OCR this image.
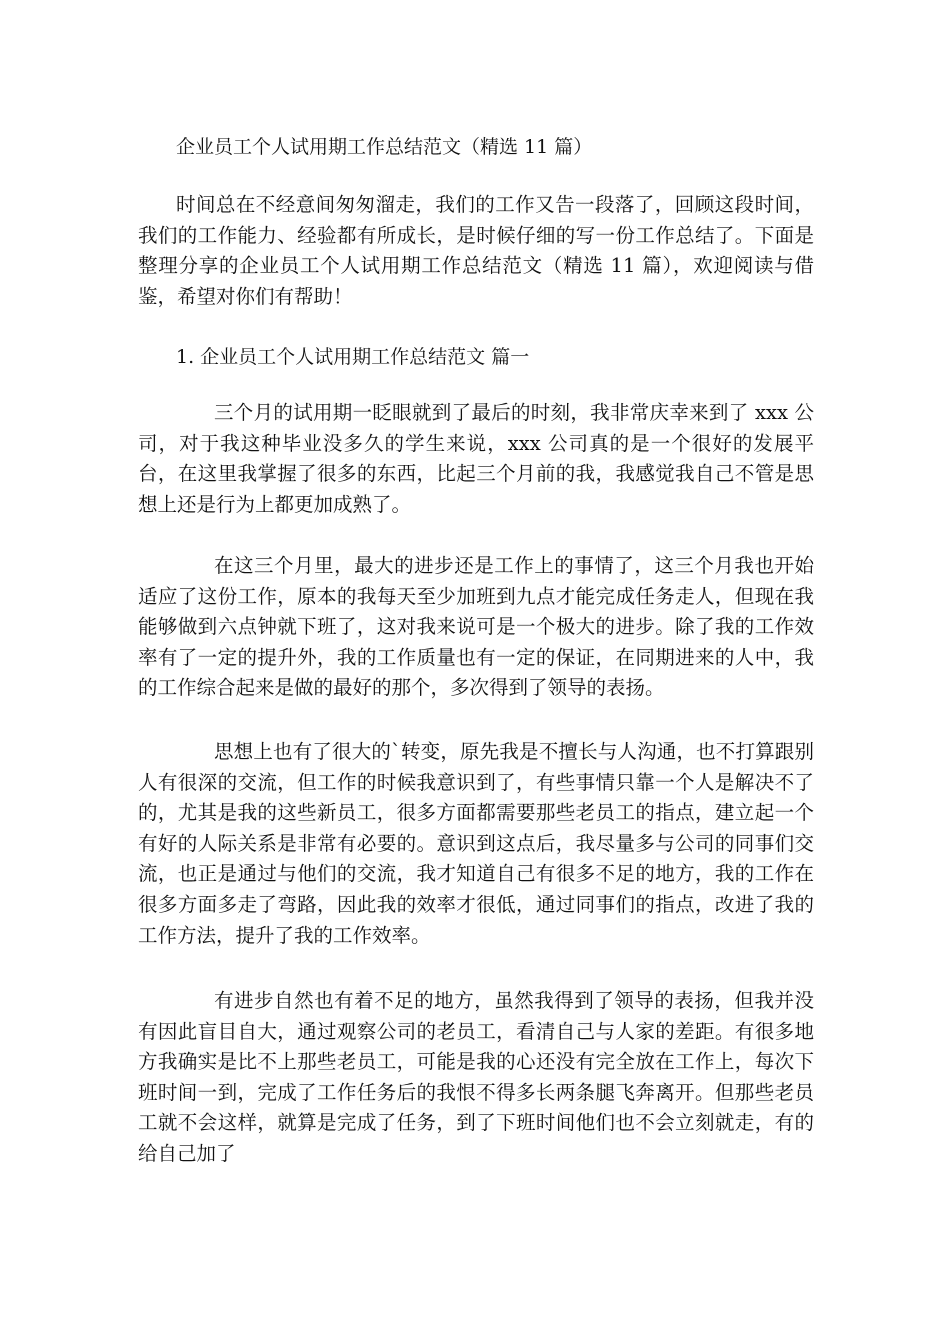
企业员工个人试用期工作总结范文（精选 11 篇）

时间总在不经意间匆匆溜走，我们的工作又告一段落了，回顾这段时间，我们的工作能力、经验都有所成长，是时候仔细的写一份工作总结了。下面是整理分享的企业员工个人试用期工作总结范文（精选 11 篇），欢迎阅读与借鉴，希望对你们有帮助！

1. 企业员工个人试用期工作总结范文 篇一

三个月的试用期一眨眼就到了最后的时刻，我非常庆幸来到了 xxx 公司，对于我这种毕业没多久的学生来说，xxx 公司真的是一个很好的发展平台，在这里我掌握了很多的东西，比起三个月前的我，我感觉我自己不管是思想上还是行为上都更加成熟了。

在这三个月里，最大的进步还是工作上的事情了，这三个月我也开始适应了这份工作，原本的我每天至少加班到九点才能完成任务走人，但现在我能够做到六点钟就下班了，这对我来说可是一个极大的进步。除了我的工作效率有了一定的提升外，我的工作质量也有一定的保证，在同期进来的人中，我的工作综合起来是做的最好的那个，多次得到了领导的表扬。

思想上也有了很大的`转变，原先我是不擅长与人沟通，也不打算跟别人有很深的交流，但工作的时候我意识到了，有些事情只靠一个人是解决不了的，尤其是我的这些新员工，很多方面都需要那些老员工的指点，建立起一个有好的人际关系是非常有必要的。意识到这点后，我尽量多与公司的同事们交流，也正是通过与他们的交流，我才知道自己有很多不足的地方，我的工作在很多方面多走了弯路，因此我的效率才很低，通过同事们的指点，改进了我的工作方法，提升了我的工作效率。

有进步自然也有着不足的地方，虽然我得到了领导的表扬，但我并没有因此盲目自大，通过观察公司的老员工，看清自己与人家的差距。有很多地方我确实是比不上那些老员工，可能是我的心还没有完全放在工作上，每次下班时间一到，完成了工作任务后的我恨不得多长两条腿飞奔离开。但那些老员工就不会这样，就算是完成了任务，到了下班时间他们也不会立刻就走，有的给自己加了
